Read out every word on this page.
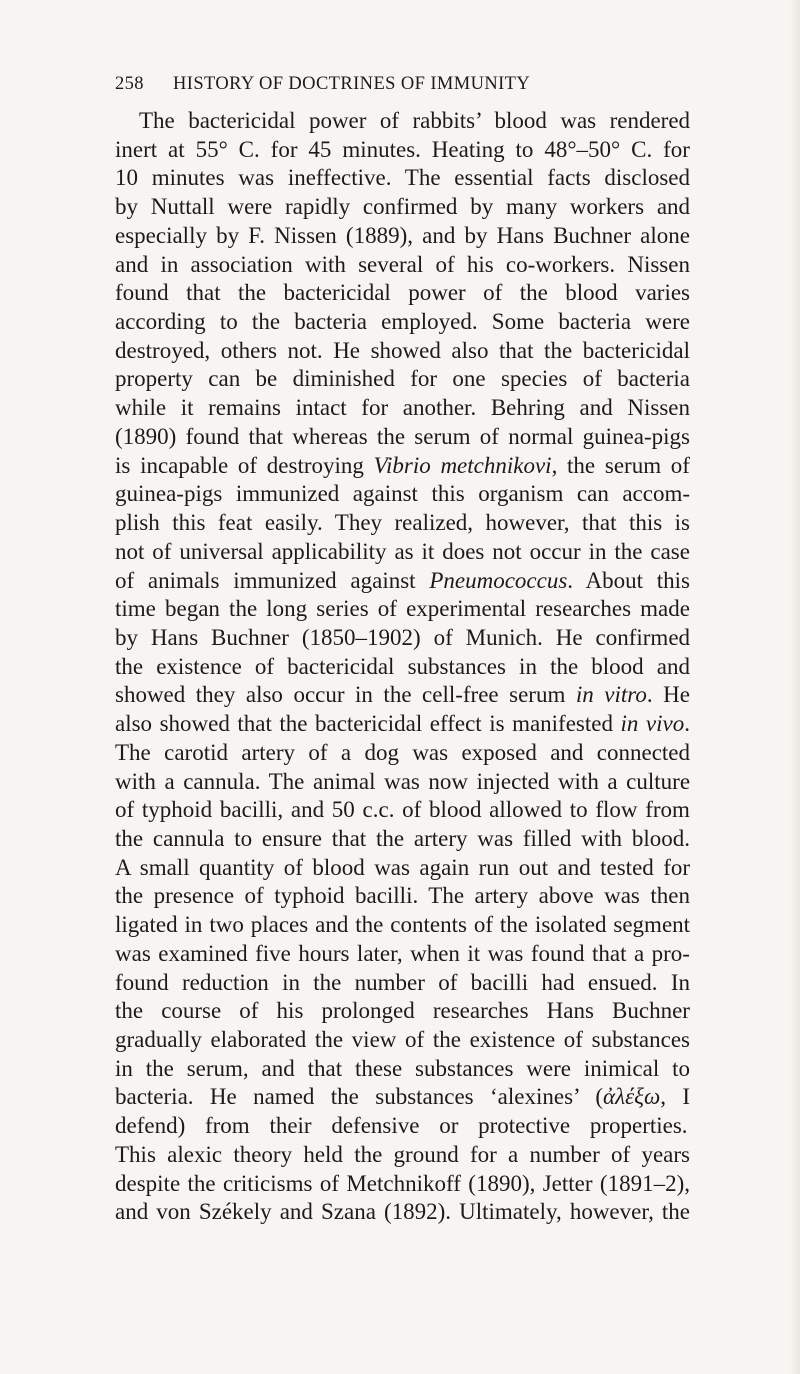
258 HISTORY OF DOCTRINES OF IMMUNITY
The bactericidal power of rabbits’ blood was rendered
inert at 55° C. for 45 minutes. Heating to 48°–50° C. for
10 minutes was ineffective. The essential facts disclosed
by Nuttall were rapidly confirmed by many workers and
especially by F. Nissen (1889), and by Hans Buchner alone
and in association with several of his co-workers. Nissen
found that the bactericidal power of the blood varies
according to the bacteria employed. Some bacteria were
destroyed, others not. He showed also that the bactericidal
property can be diminished for one species of bacteria
while it remains intact for another. Behring and Nissen
(1890) found that whereas the serum of normal guinea-pigs
is incapable of destroying Vibrio metchnikovi, the serum of
guinea-pigs immunized against this organism can accom-
plish this feat easily. They realized, however, that this is
not of universal applicability as it does not occur in the case
of animals immunized against Pneumococcus. About this
time began the long series of experimental researches made
by Hans Buchner (1850–1902) of Munich. He confirmed
the existence of bactericidal substances in the blood and
showed they also occur in the cell-free serum in vitro. He
also showed that the bactericidal effect is manifested in vivo.
The carotid artery of a dog was exposed and connected
with a cannula. The animal was now injected with a culture
of typhoid bacilli, and 50 c.c. of blood allowed to flow from
the cannula to ensure that the artery was filled with blood.
A small quantity of blood was again run out and tested for
the presence of typhoid bacilli. The artery above was then
ligated in two places and the contents of the isolated segment
was examined five hours later, when it was found that a pro-
found reduction in the number of bacilli had ensued. In
the course of his prolonged researches Hans Buchner
gradually elaborated the view of the existence of substances
in the serum, and that these substances were inimical to
bacteria. He named the substances ‘alexines’ (ἀλέξω, I
defend) from their defensive or protective properties.
This alexic theory held the ground for a number of years
despite the criticisms of Metchnikoff (1890), Jetter (1891–2),
and von Székely and Szana (1892). Ultimately, however, the
